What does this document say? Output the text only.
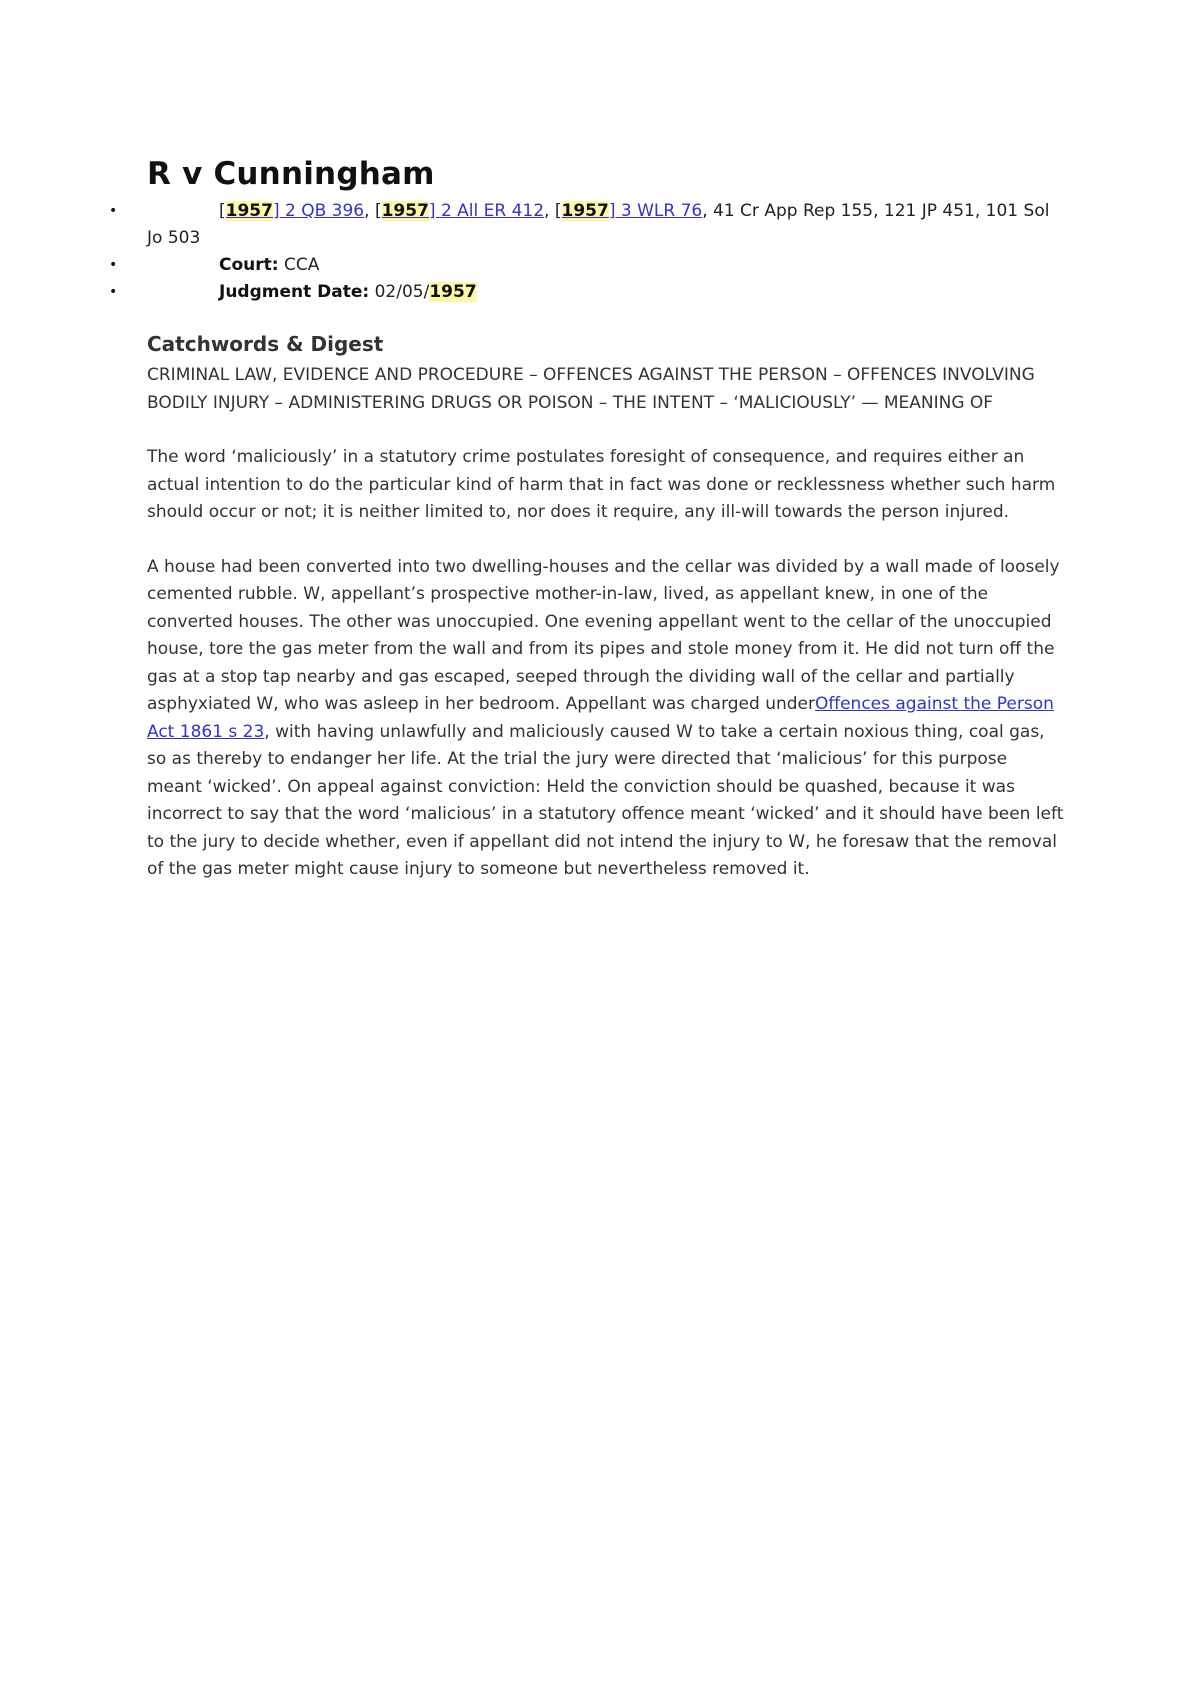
R v Cunningham
•	[1957] 2 QB 396, [1957] 2 All ER 412, [1957] 3 WLR 76, 41 Cr App Rep 155, 121 JP 451, 101 Sol Jo 503
•	Court: CCA
•	Judgment Date: 02/05/1957
Catchwords & Digest

CRIMINAL LAW, EVIDENCE AND PROCEDURE – OFFENCES AGAINST THE PERSON – OFFENCES INVOLVING BODILY INJURY – ADMINISTERING DRUGS OR POISON – THE INTENT – ‘MALICIOUSLY’ — MEANING OF

The word ‘maliciously’ in a statutory crime postulates foresight of consequence, and requires either an actual intention to do the particular kind of harm that in fact was done or recklessness whether such harm should occur or not; it is neither limited to, nor does it require, any ill-will towards the person injured.

A house had been converted into two dwelling-houses and the cellar was divided by a wall made of loosely cemented rubble. W, appellant’s prospective mother-in-law, lived, as appellant knew, in one of the converted houses. The other was unoccupied. One evening appellant went to the cellar of the unoccupied house, tore the gas meter from the wall and from its pipes and stole money from it. He did not turn off the gas at a stop tap nearby and gas escaped, seeped through the dividing wall of the cellar and partially asphyxiated W, who was asleep in her bedroom. Appellant was charged underOffences against the Person Act 1861 s 23, with having unlawfully and maliciously caused W to take a certain noxious thing, coal gas, so as thereby to endanger her life. At the trial the jury were directed that ‘malicious’ for this purpose meant ‘wicked’. On appeal against conviction: Held the conviction should be quashed, because it was incorrect to say that the word ‘malicious’ in a statutory offence meant ‘wicked’ and it should have been left to the jury to decide whether, even if appellant did not intend the injury to W, he foresaw that the removal of the gas meter might cause injury to someone but nevertheless removed it.
